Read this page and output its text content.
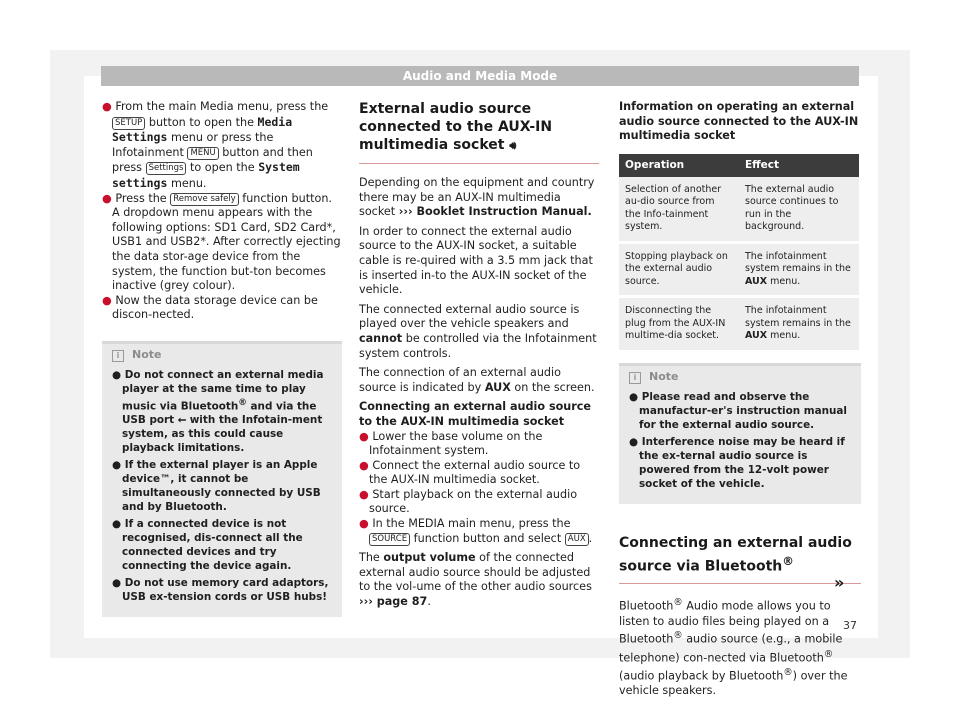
Audio and Media Mode

● From the main Media menu, press the SETUP button to open the Media Settings menu or press the Infotainment MENU button and then press Settings to open the System settings menu.

● Press the Remove safely function button. A dropdown menu appears with the following options: SD1 Card, SD2 Card*, USB1 and USB2*. After correctly ejecting the data stor-age device from the system, the function but-ton becomes inactive (grey colour).

● Now the data storage device can be discon-nected.

i Note

● Do not connect an external media player at the same time to play music via Bluetooth® and via the USB port ⭠ with the Infotain-ment system, as this could cause playback limitations.

● If the external player is an Apple device™, it cannot be simultaneously connected by USB and by Bluetooth.

● If a connected device is not recognised, dis-connect all the connected devices and try connecting the device again.

● Do not use memory card adaptors, USB ex-tension cords or USB hubs!

External audio source connected to the AUX-IN multimedia socket 🔊︎

Depending on the equipment and country there may be an AUX-IN multimedia socket ››› Booklet Instruction Manual.

In order to connect the external audio source to the AUX-IN socket, a suitable cable is re-quired with a 3.5 mm jack that is inserted in-to the AUX-IN socket of the vehicle.

The connected external audio source is played over the vehicle speakers and cannot be controlled via the Infotainment system controls.

The connection of an external audio source is indicated by AUX on the screen.

Connecting an external audio source to the AUX-IN multimedia socket

● Lower the base volume on the Infotainment system.

● Connect the external audio source to the AUX-IN multimedia socket.

● Start playback on the external audio source.

● In the MEDIA main menu, press the SOURCE function button and select AUX .

The output volume of the connected external audio source should be adjusted to the vol-ume of the other audio sources ››› page 87.

Information on operating an external audio source connected to the AUX-IN multimedia socket

Operation	Effect
Selection of another au-dio source from the Info-tainment system.	The external audio source continues to run in the background.
Stopping playback on the external audio source.	The infotainment system remains in the AUX menu.
Disconnecting the plug from the AUX-IN multime-dia socket.	The infotainment system remains in the AUX menu.
i Note

● Please read and observe the manufactur-er's instruction manual for the external audio source.

● Interference noise may be heard if the ex-ternal audio source is powered from the 12-volt power socket of the vehicle.

Connecting an external audio source via Bluetooth®

Bluetooth® Audio mode allows you to listen to audio files being played on a Bluetooth® audio source (e.g., a mobile telephone) con-nected via Bluetooth® (audio playback by Bluetooth®) over the vehicle speakers.

»
37
